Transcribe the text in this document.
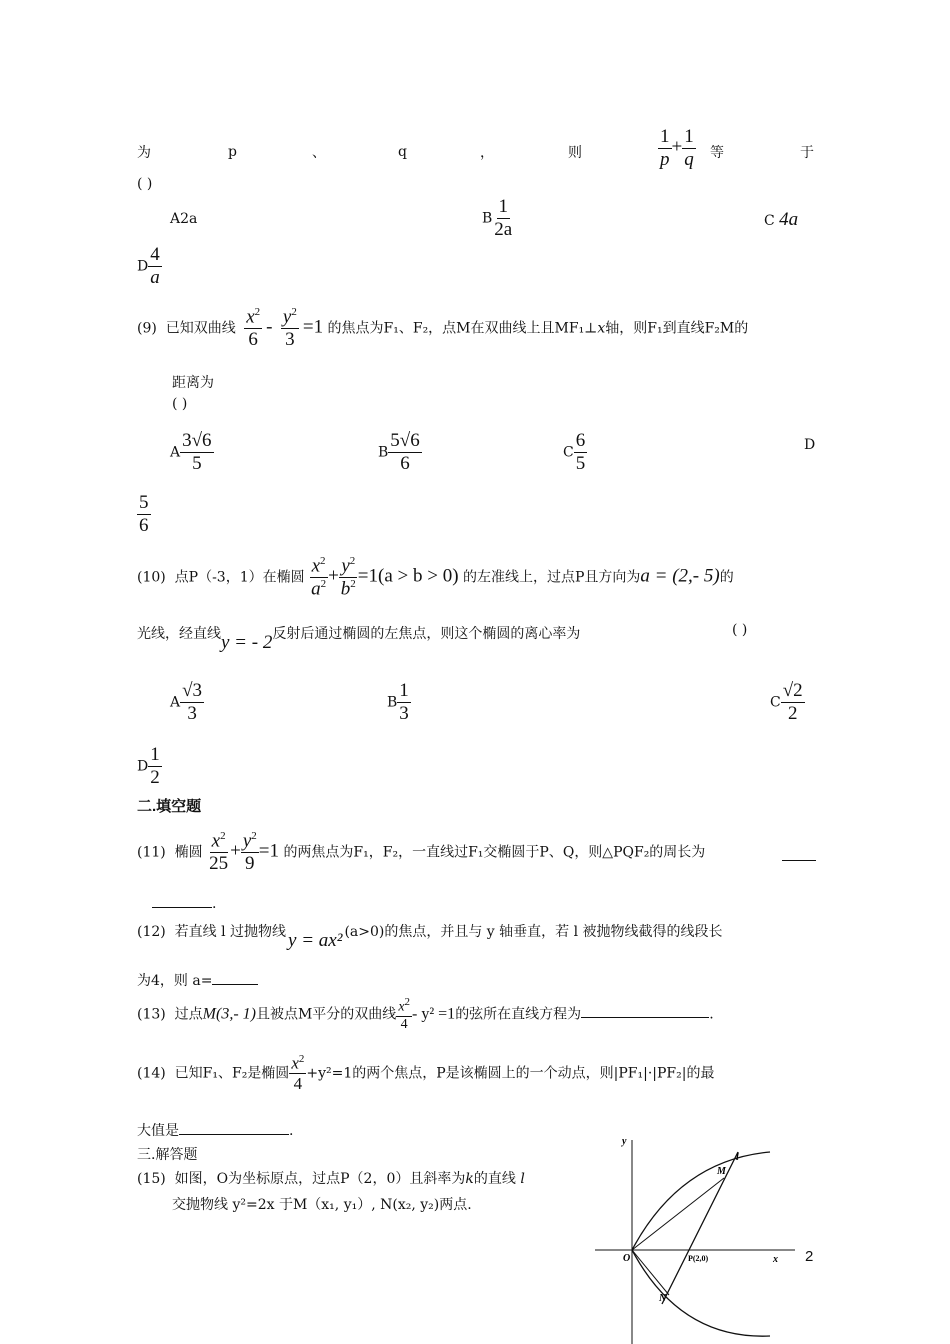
为	p	、	q	，	则	$\frac{1}{p} + \frac{1}{q}$ 等	于
( )
A2a	B $\frac{1}{2a}$	C 4a
D $\frac{4}{a}$
(9) 已知双曲线 $\frac{x^2}{6} - \frac{y^2}{3} =1$ 的焦点为F₁、F₂，点M在双曲线上且MF₁⊥x轴，则F₁到直线F₂M的
距离为
( )
A $\frac{3√6}{5}$	B $\frac{5√6}{6}$	C $\frac{6}{5}$	D
$\frac{5}{6}$
(10) 点P（-3，1）在椭圆 $\frac{x^2}{a^2} + \frac{y^2}{b^2} =1(a > b > 0)$ 的左准线上，过点P且方向为a = (2,- 5)的
光线，经直线y = - 2反射后通过椭圆的左焦点，则这个椭圆的离心率为	( )
A $\frac{√3}{3}$	B $\frac{1}{3}$	C $\frac{√2}{2}$
D $\frac{1}{2}$
二.填空题
(11) 椭圆 $\frac{x^2}{25} + \frac{y^2}{9} =1$ 的两焦点为F₁，F₂，一直线过F₁交椭圆于P、Q，则△PQF₂的周长为
.
(12) 若直线 l 过抛物线 y = ax² (a>0)的焦点，并且与 y 轴垂直，若 l 被抛物线截得的线段长
为4，则 a=
(13) 过点M(3,- 1)且被点M平分的双曲线 $\frac{x^2}{4} - y^2 =1$的弦所在直线方程为	.
(14) 已知F₁、F₂是椭圆 $\frac{x^2}{4} +y^2=1$的两个焦点，P是该椭圆上的一个动点，则|PF₁|·|PF₂|的最
大值是	.
三.解答题
(15) 如图，O为坐标原点，过点P（2，0）且斜率为k的直线 l
交抛物线 y²=2x 于M（x₁, y₁）, N(x₂, y₂)两点.
y
x
O
M
N
l
P(2,0)	2
